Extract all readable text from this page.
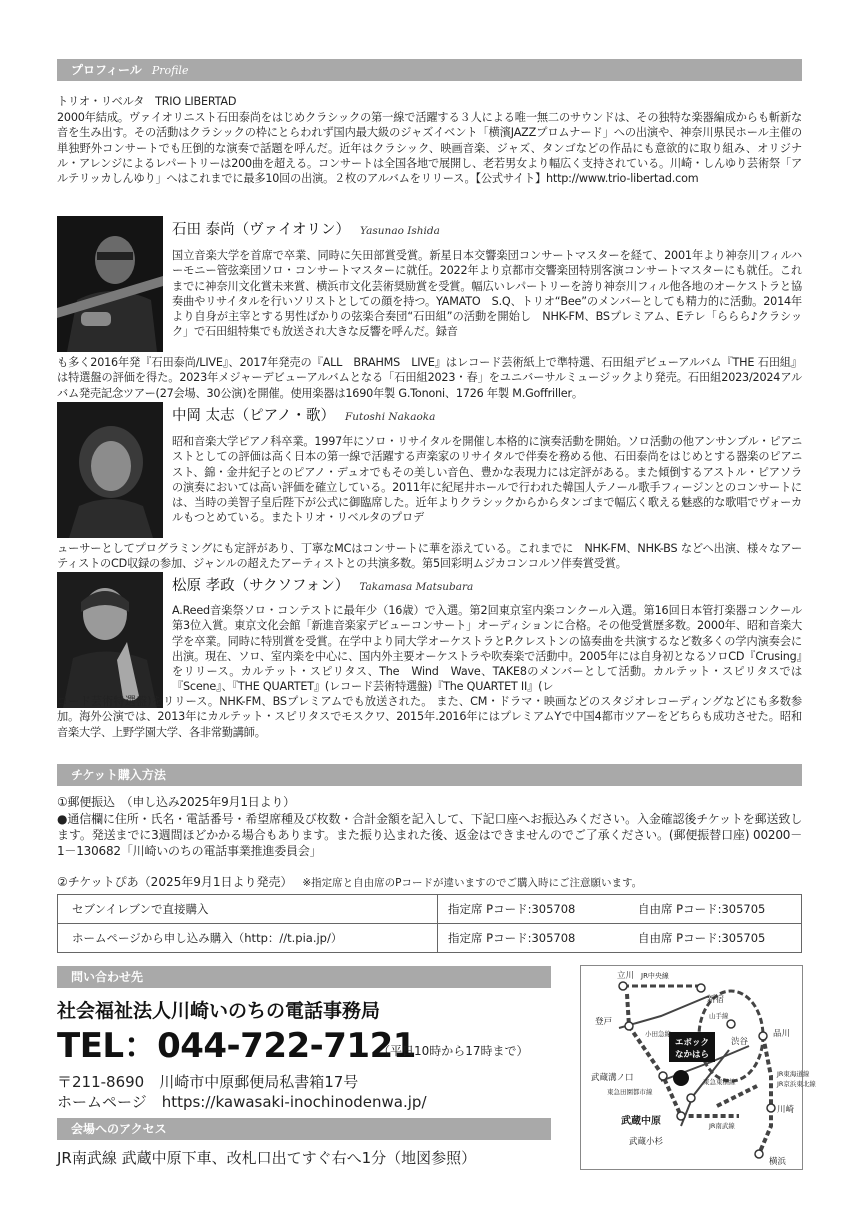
プロフィール Profile
トリオ・リベルタ　TRIO LIBERTAD
2000年結成。ヴァイオリニスト石田泰尚をはじめクラシックの第一線で活躍する３人による唯一無二のサウンドは、その独特な楽器編成からも斬新な音を生み出す。その活動はクラシックの枠にとらわれず国内最大級のジャズイベント「横濱JAZZプロムナード」への出演や、神奈川県民ホール主催の単独野外コンサートでも圧倒的な演奏で話題を呼んだ。近年はクラシック、映画音楽、ジャズ、タンゴなどの作品にも意欲的に取り組み、オリジナル・アレンジによるレパートリーは200曲を超える。コンサートは全国各地で展開し、老若男女より幅広く支持されている。川崎・しんゆり芸術祭「アルテリッカしんゆり」へはこれまでに最多10回の出演。２枚のアルバムをリリース。【公式サイト】http://www.trio-libertad.com
石田 泰尚（ヴァイオリン） Yasunao Ishida
国立音楽大学を首席で卒業、同時に矢田部賞受賞。新星日本交響楽団コンサートマスターを経て、2001年より神奈川フィルハーモニー管弦楽団ソロ・コンサートマスターに就任。2022年より京都市交響楽団特別客演コンサートマスターにも就任。これまでに神奈川文化賞未来賞、横浜市文化芸術奨励賞を受賞。幅広いレパートリーを誇り神奈川フィル他各地のオーケストラと協奏曲やリサイタルを行いソリストとしての顔を持つ。YAMATO　S.Q、トリオ“Bee”のメンバーとしても精力的に活動。2014年より自身が主宰とする男性ばかりの弦楽合奏団“石田組”の活動を開始し　NHK-FM、BSプレミアム、Eテレ「ららら♪クラシック」で石田組特集でも放送され大きな反響を呼んだ。録音
も多く2016年発『石田泰尚/LIVE』、2017年発売の『ALL　BRAHMS　LIVE』はレコード芸術紙上で準特選、石田組デビューアルバム『THE 石田組』は特選盤の評価を得た。2023年メジャーデビューアルバムとなる「石田組2023・春」をユニバーサルミュージックより発売。石田組2023/2024アルバム発売記念ツアー(27会場、30公演)を開催。使用楽器は1690年製 G.Tononi、1726 年製 M.Goffriller。
中岡 太志（ピアノ・歌） Futoshi Nakaoka
昭和音楽大学ピアノ科卒業。1997年にソロ・リサイタルを開催し本格的に演奏活動を開始。ソロ活動の他アンサンブル・ピアニストとしての評価は高く日本の第一線で活躍する声楽家のリサイタルで伴奏を務める他、石田泰尚をはじめとする器楽のピアニスト、錦・金井紀子とのピアノ・デュオでもその美しい音色、豊かな表現力には定評がある。また傾倒するアストル・ピアソラの演奏においては高い評価を確立している。2011年に紀尾井ホールで行われた韓国人テノール歌手フィージンとのコンサートには、当時の美智子皇后陛下が公式に御臨席した。近年よりクラシックからからタンゴまで幅広く歌える魅惑的な歌唱でヴォーカルもつとめている。またトリオ・リベルタのプロデ
ューサーとしてプログラミングにも定評があり、丁寧なMCはコンサートに華を添えている。これまでに　NHK-FM、NHK-BS などへ出演、様々なアーティストのCD収録の参加、ジャンルの超えたアーティストとの共演多数。第5回彩明ムジカコンコルソ伴奏賞受賞。
松原 孝政（サクソフォン） Takamasa Matsubara
A.Reed音楽祭ソロ・コンテストに最年少（16歳）で入選。第2回東京室内楽コンクール入選。第16回日本管打楽器コンクール第3位入賞。東京文化会館「新進音楽家デビューコンサート」オーディションに合格。その他受賞歴多数。2000年、昭和音楽大学を卒業。同時に特別賞を受賞。在学中より同大学オーケストラとP.クレストンの協奏曲を共演するなど数多くの学内演奏会に出演。現在、ソロ、室内楽を中心に、国内外主要オーケストラや吹奏楽で活動中。2005年には自身初となるソロCD『Crusing』をリリース。カルテット・スピリタス、The　Wind　Wave、TAKE8のメンバーとして活動。カルテット・スピリタスでは『Scene』、『THE QUARTET』(レコード芸術特選盤)『The QUARTET II』(レ
コード芸術特選盤)をリリース。NHK-FM、BSプレミアムでも放送された。 また、CM・ドラマ・映画などのスタジオレコーディングなどにも多数参加。海外公演では、2013年にカルテット・スピリタスでモスクワ、2015年.2016年にはプレミアムYで中国4都市ツアーをどちらも成功させた。昭和音楽大学、上野学園大学、各非常勤講師。
チケット購入方法
①郵便振込　（申し込み2025年9月1日より）
●通信欄に住所・氏名・電話番号・希望席種及び枚数・合計金額を記入して、下記口座へお振込みください。入金確認後チケットを郵送致します。発送までに3週間ほどかかる場合もあります。また振り込まれた後、返金はできませんのでご了承ください。(郵便振替口座) 00200－1－130682「川崎いのちの電話事業推進委員会」
②チケットぴあ（2025年9月1日より発売） ※指定席と自由席のPコードが違いますのでご購入時にご注意願います。
セブンイレブンで直接購入	指定席 Pコード:305708	自由席 Pコード:305705
ホームページから申し込み購入（http：//t.pia.jp/）	指定席 Pコード:305708	自由席 Pコード:305705
問い合わせ先
社会福祉法人川崎いのちの電話事務局
TEL：044-722-7121
（平日10時から17時まで）
〒211-8690　川崎市中原郵便局私書箱17号
ホームページ　https://kawasaki-inochinodenwa.jp/
会場へのアクセス
JR南武線 武蔵中原下車、改札口出てすぐ右へ1分（地図参照）
立川 JR中央線
新宿
登戸
小田急線
山手線
渋谷
品川
エポック
なかはら
武蔵溝ノ口	東急東横線
東急田園都市線
武蔵中原
JR東海道線
JR京浜東北線
川崎
武蔵小杉
JR南武線
横浜
